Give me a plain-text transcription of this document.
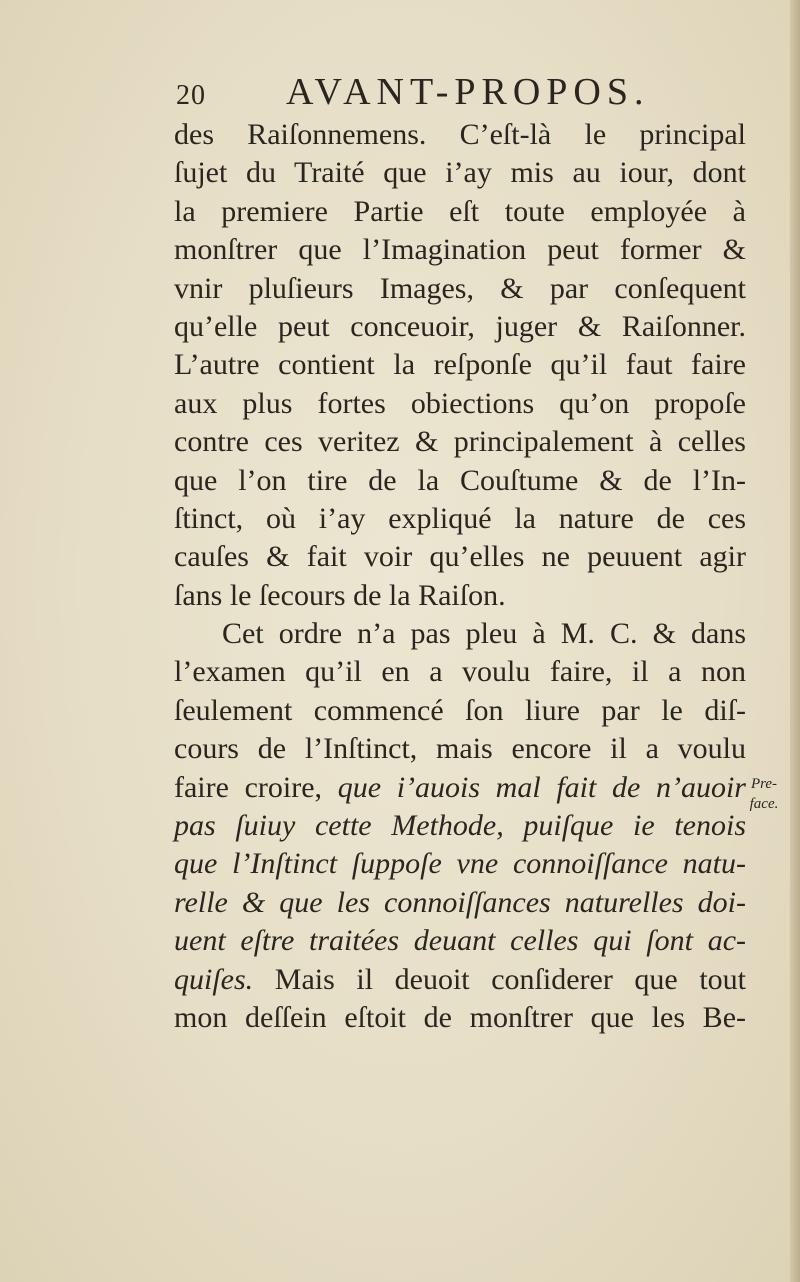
20 AVANT-PROPOS.
des Raiſonnemens. C’eſt-là le principal
ſujet du Traité que i’ay mis au iour, dont
la premiere Partie eſt toute employée à
monſtrer que l’Imagination peut former &
vnir pluſieurs Images, & par conſequent
qu’elle peut conceuoir, juger & Raiſonner.
L’autre contient la reſponſe qu’il faut faire
aux plus fortes obiections qu’on propoſe
contre ces veritez & principalement à celles
que l’on tire de la Couſtume & de l’In-
ſtinct, où i’ay expliqué la nature de ces
cauſes & fait voir qu’elles ne peuuent agir
ſans le ſecours de la Raiſon.
Cet ordre n’a pas pleu à M. C. & dans
l’examen qu’il en a voulu faire, il a non
ſeulement commencé ſon liure par le diſ-
cours de l’Inſtinct, mais encore il a voulu
faire croire, que i’auois mal fait de n’auoir
pas ſuiuy cette Methode, puiſque ie tenois
que l’Inſtinct ſuppoſe vne connoiſſance natu-
relle & que les connoiſſances naturelles doi-
uent eſtre traitées deuant celles qui ſont ac-
quiſes. Mais il deuoit conſiderer que tout
mon deſſein eſtoit de monſtrer que les Be-
Pre-
face.
